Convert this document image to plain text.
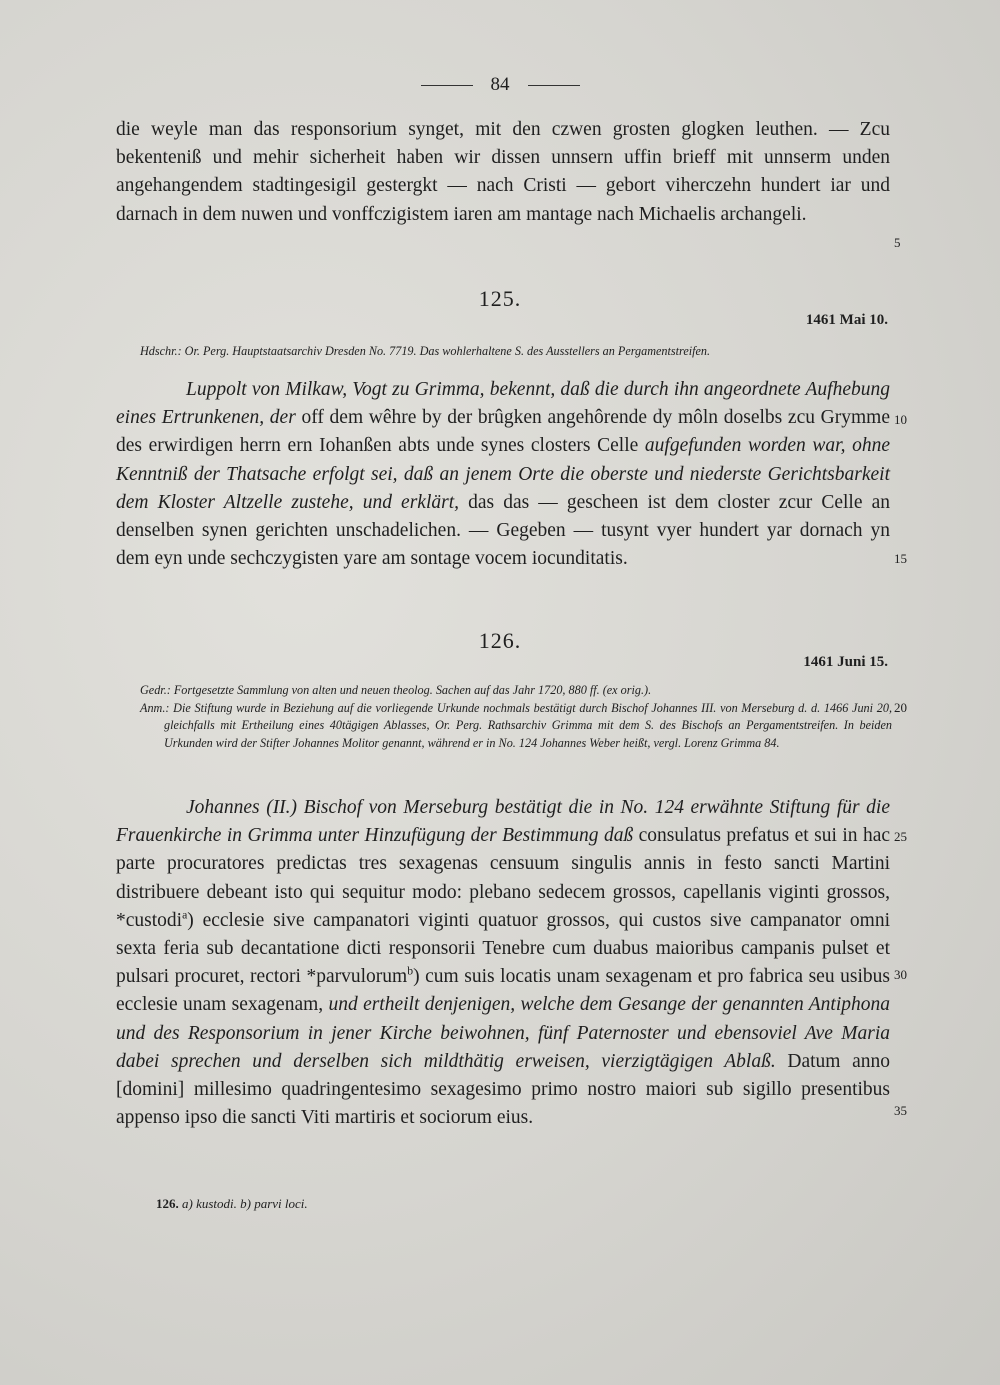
84

die weyle man das responsorium synget, mit den czwen grosten glogken leuthen. — Zcu bekenteniß und mehir sicherheit haben wir dissen unnsern uffin brieff mit unnserm unden angehangendem stadtingesigil gestergkt — nach Cristi — gebort viherczehn hundert iar und darnach in dem nuwen und vonffczigistem iaren am mantage nach Michaelis archangeli.

125.
1461 Mai 10.
Hdschr.: Or. Perg. Hauptstaatsarchiv Dresden No. 7719. Das wohlerhaltene S. des Ausstellers an Pergamentstreifen.

Luppolt von Milkaw, Vogt zu Grimma, bekennt, daß die durch ihn angeordnete Aufhebung eines Ertrunkenen, der off dem wêhre by der brûgken angehôrende dy môln doselbs zcu Grymme des erwirdigen herrn ern Iohanßen abts unde synes closters Celle aufgefunden worden war, ohne Kenntniß der Thatsache erfolgt sei, daß an jenem Orte die oberste und niederste Gerichtsbarkeit dem Kloster Altzelle zustehe, und erklärt, das das — gescheen ist dem closter zcur Celle an denselben synen gerichten unschadelichen. — Gegeben — tusynt vyer hundert yar dornach yn dem eyn unde sechczygisten yare am sontage vocem iocunditatis.

126.
1461 Juni 15.
Gedr.: Fortgesetzte Sammlung von alten und neuen theolog. Sachen auf das Jahr 1720, 880 ff. (ex orig.).
Anm.: Die Stiftung wurde in Beziehung auf die vorliegende Urkunde nochmals bestätigt durch Bischof Johannes III. von Merseburg d. d. 1466 Juni 20, gleichfalls mit Ertheilung eines 40tägigen Ablasses, Or. Perg. Rathsarchiv Grimma mit dem S. des Bischofs an Pergamentstreifen. In beiden Urkunden wird der Stifter Johannes Molitor genannt, während er in No. 124 Johannes Weber heißt, vergl. Lorenz Grimma 84.

Johannes (II.) Bischof von Merseburg bestätigt die in No. 124 erwähnte Stiftung für die Frauenkirche in Grimma unter Hinzufügung der Bestimmung daß consulatus prefatus et sui in hac parte procuratores predictas tres sexagenas censuum singulis annis in festo sancti Martini distribuere debeant isto qui sequitur modo: plebano sedecem grossos, capellanis viginti grossos, *custodi$^a$) ecclesie sive campanatori viginti quatuor grossos, qui custos sive campanator omni sexta feria sub decantatione dicti responsorii Tenebre cum duabus maioribus campanis pulset et pulsari procuret, rectori *parvulorum$^b$) cum suis locatis unam sexagenam et pro fabrica seu usibus ecclesie unam sexagenam, und ertheilt denjenigen, welche dem Gesange der genannten Antiphona und des Responsorium in jener Kirche beiwohnen, fünf Paternoster und ebensoviel Ave Maria dabei sprechen und derselben sich mildthätig erweisen, vierzigtägigen Ablaß. Datum anno [domini] millesimo quadringentesimo sexagesimo primo nostro maiori sub sigillo presentibus appenso ipso die sancti Viti martiris et sociorum eius.

5
10
15
20
25
30
35
126. a) kustodi. b) parvi loci.
